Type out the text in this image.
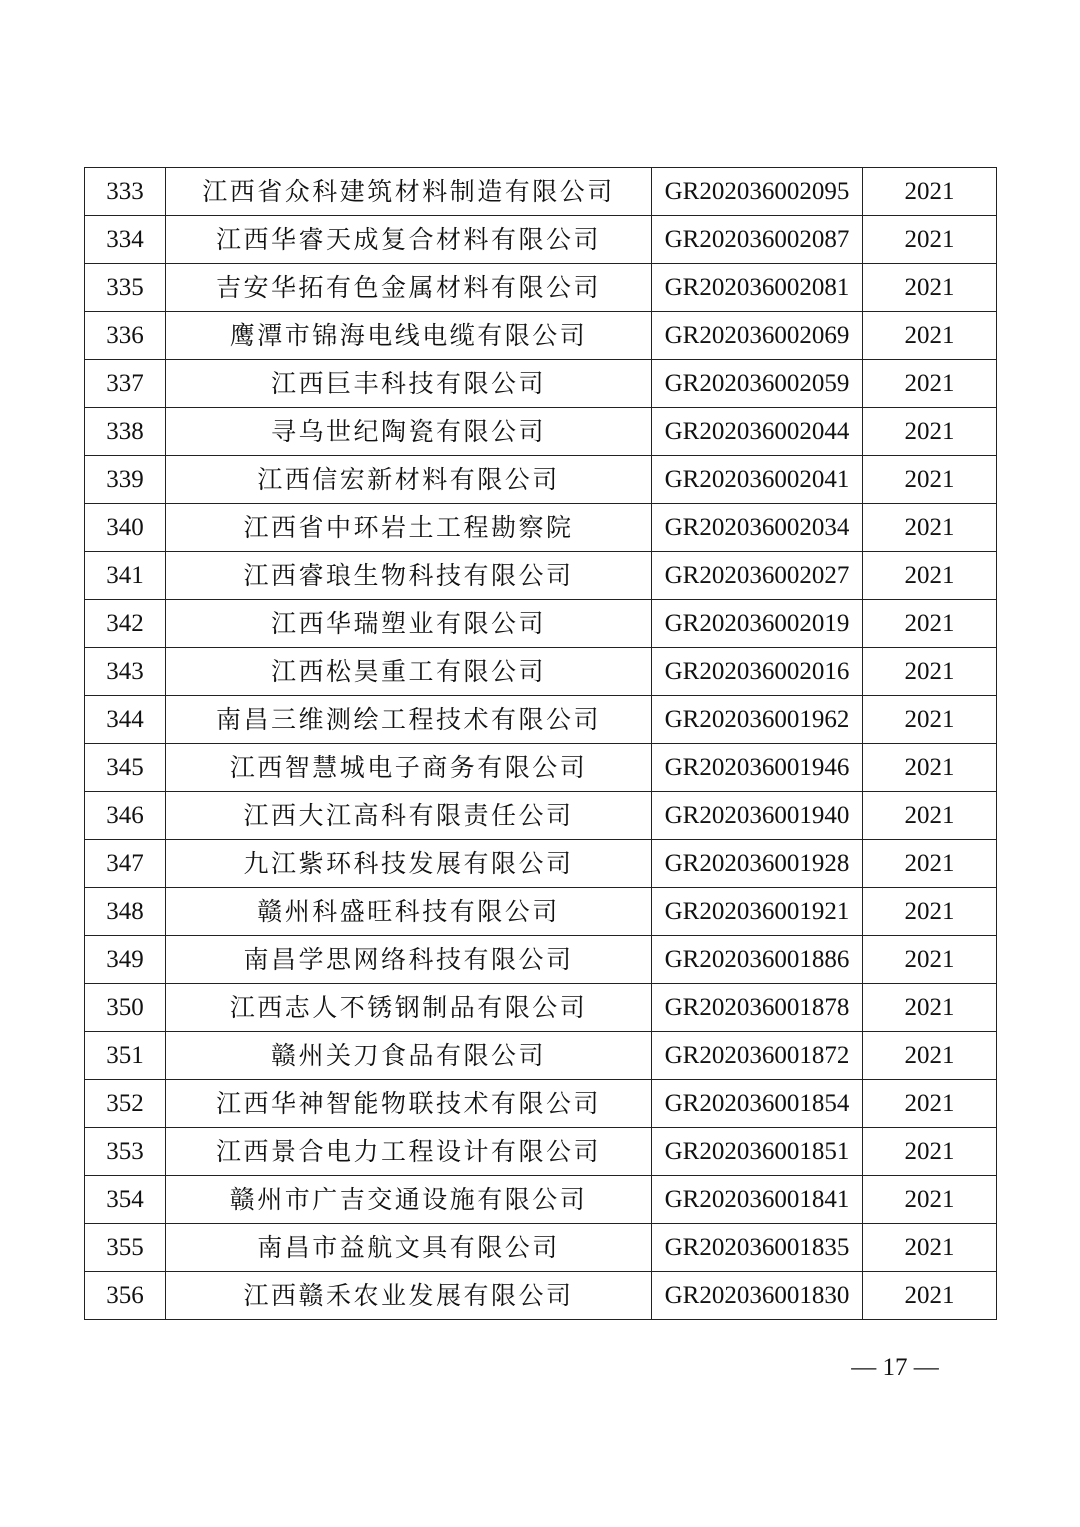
333	江西省众科建筑材料制造有限公司	GR202036002095	2021
334	江西华睿天成复合材料有限公司	GR202036002087	2021
335	吉安华拓有色金属材料有限公司	GR202036002081	2021
336	鹰潭市锦海电线电缆有限公司	GR202036002069	2021
337	江西巨丰科技有限公司	GR202036002059	2021
338	寻乌世纪陶瓷有限公司	GR202036002044	2021
339	江西信宏新材料有限公司	GR202036002041	2021
340	江西省中环岩土工程勘察院	GR202036002034	2021
341	江西睿琅生物科技有限公司	GR202036002027	2021
342	江西华瑞塑业有限公司	GR202036002019	2021
343	江西松昊重工有限公司	GR202036002016	2021
344	南昌三维测绘工程技术有限公司	GR202036001962	2021
345	江西智慧城电子商务有限公司	GR202036001946	2021
346	江西大江高科有限责任公司	GR202036001940	2021
347	九江紫环科技发展有限公司	GR202036001928	2021
348	赣州科盛旺科技有限公司	GR202036001921	2021
349	南昌学思网络科技有限公司	GR202036001886	2021
350	江西志人不锈钢制品有限公司	GR202036001878	2021
351	赣州关刀食品有限公司	GR202036001872	2021
352	江西华神智能物联技术有限公司	GR202036001854	2021
353	江西景合电力工程设计有限公司	GR202036001851	2021
354	赣州市广吉交通设施有限公司	GR202036001841	2021
355	南昌市益航文具有限公司	GR202036001835	2021
356	江西赣禾农业发展有限公司	GR202036001830	2021
— 17 —
